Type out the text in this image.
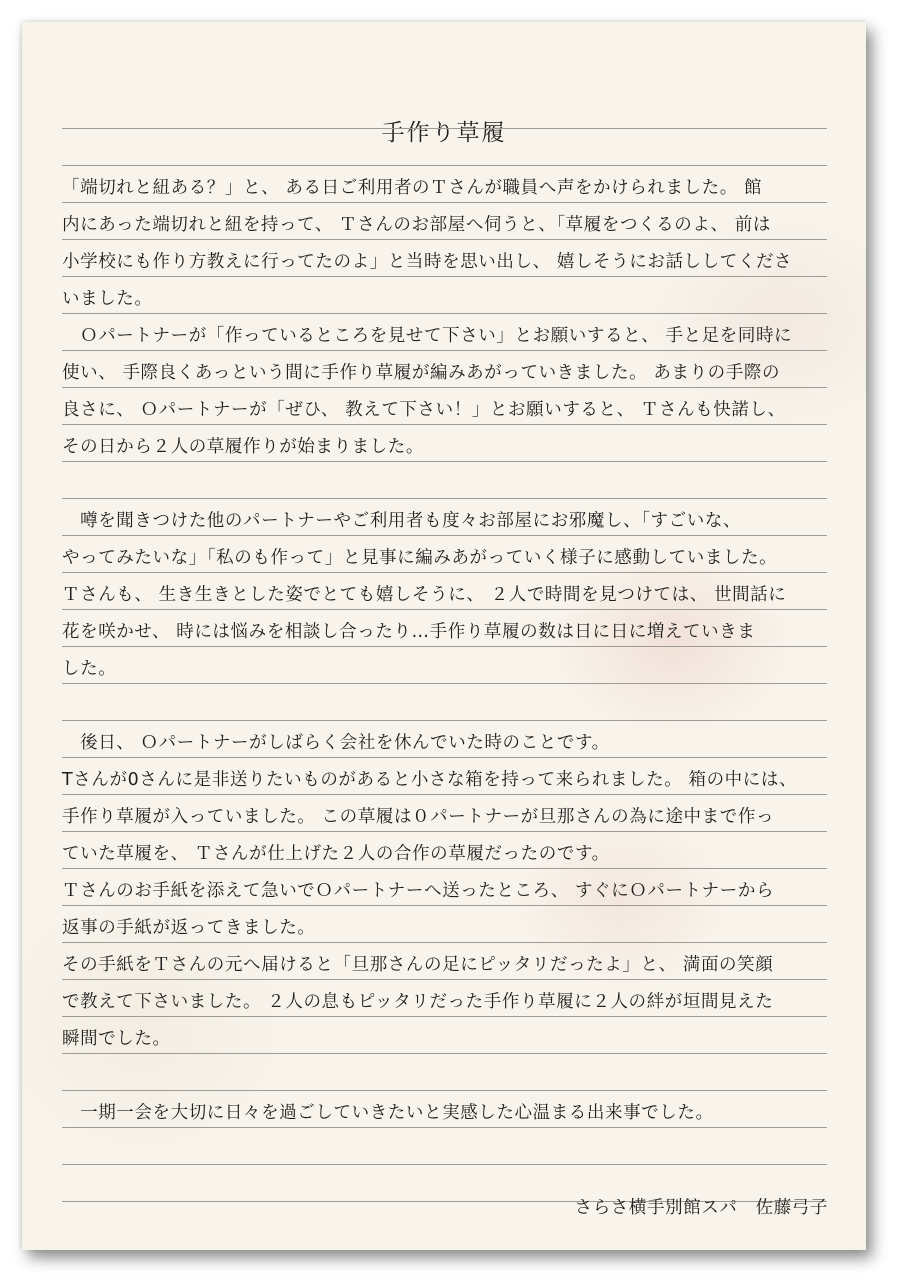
手作り草履
「端切れと紐ある？」と、 ある日ご利用者のＴさんが職員へ声をかけられました。 館
内にあった端切れと紐を持って、 Ｔさんのお部屋へ伺うと、「草履をつくるのよ、 前は
小学校にも作り方教えに行ってたのよ」と当時を思い出し、 嬉しそうにお話ししてくださ
いました。
　Ｏパートナーが「作っているところを見せて下さい」とお願いすると、 手と足を同時に
使い、 手際良くあっという間に手作り草履が編みあがっていきました。 あまりの手際の
良さに、 Ｏパートナーが「ぜひ、 教えて下さい！」とお願いすると、 Ｔさんも快諾し、
その日から２人の草履作りが始まりました。
　噂を聞きつけた他のパートナーやご利用者も度々お部屋にお邪魔し、「すごいな、
やってみたいな」「私のも作って」と見事に編みあがっていく様子に感動していました。
Ｔさんも、 生き生きとした姿でとても嬉しそうに、 ２人で時間を見つけては、 世間話に
花を咲かせ、 時には悩みを相談し合ったり…手作り草履の数は日に日に増えていきま
した。
　後日、 Ｏパートナーがしばらく会社を休んでいた時のことです。
Tさんが0さんに是非送りたいものがあると小さな箱を持って来られました。 箱の中には、
手作り草履が入っていました。 この草履は０パートナーが旦那さんの為に途中まで作っ
ていた草履を、 Ｔさんが仕上げた２人の合作の草履だったのです。
Ｔさんのお手紙を添えて急いでＯパートナーへ送ったところ、 すぐにＯパートナーから
返事の手紙が返ってきました。
その手紙をＴさんの元へ届けると「旦那さんの足にピッタリだったよ」と、 満面の笑顔
で教えて下さいました。 ２人の息もピッタリだった手作り草履に２人の絆が垣間見えた
瞬間でした。
　一期一会を大切に日々を過ごしていきたいと実感した心温まる出来事でした。
さらさ横手別館スパ　佐藤弓子
